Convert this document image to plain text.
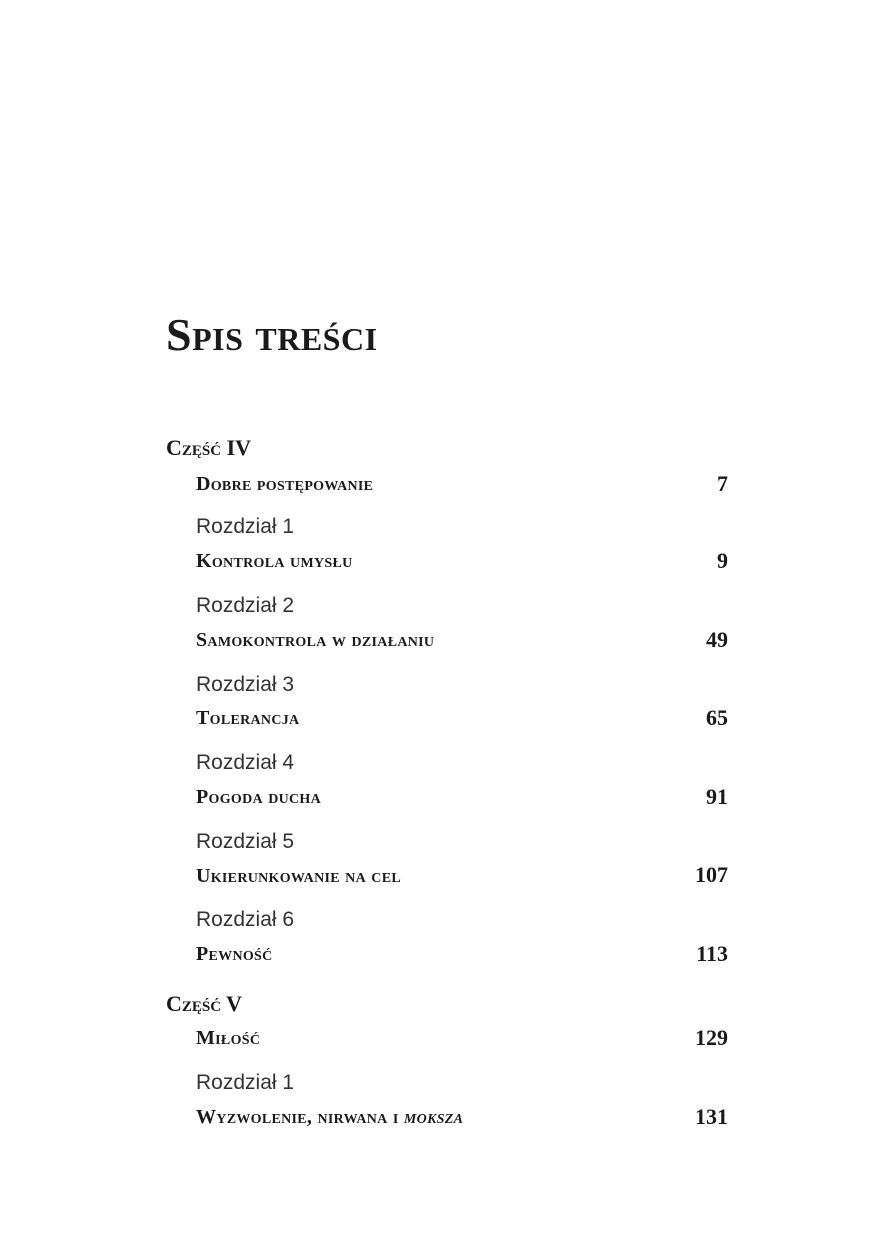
Spis treści
Część IV
Dobre postępowanie	7
Rozdział 1
Kontrola umysłu	9
Rozdział 2
Samokontrola w działaniu	49
Rozdział 3
Tolerancja	65
Rozdział 4
Pogoda ducha	91
Rozdział 5
Ukierunkowanie na cel	107
Rozdział 6
Pewność	113
Część V
Miłość	129
Rozdział 1
Wyzwolenie, nirwana i moksza	131
